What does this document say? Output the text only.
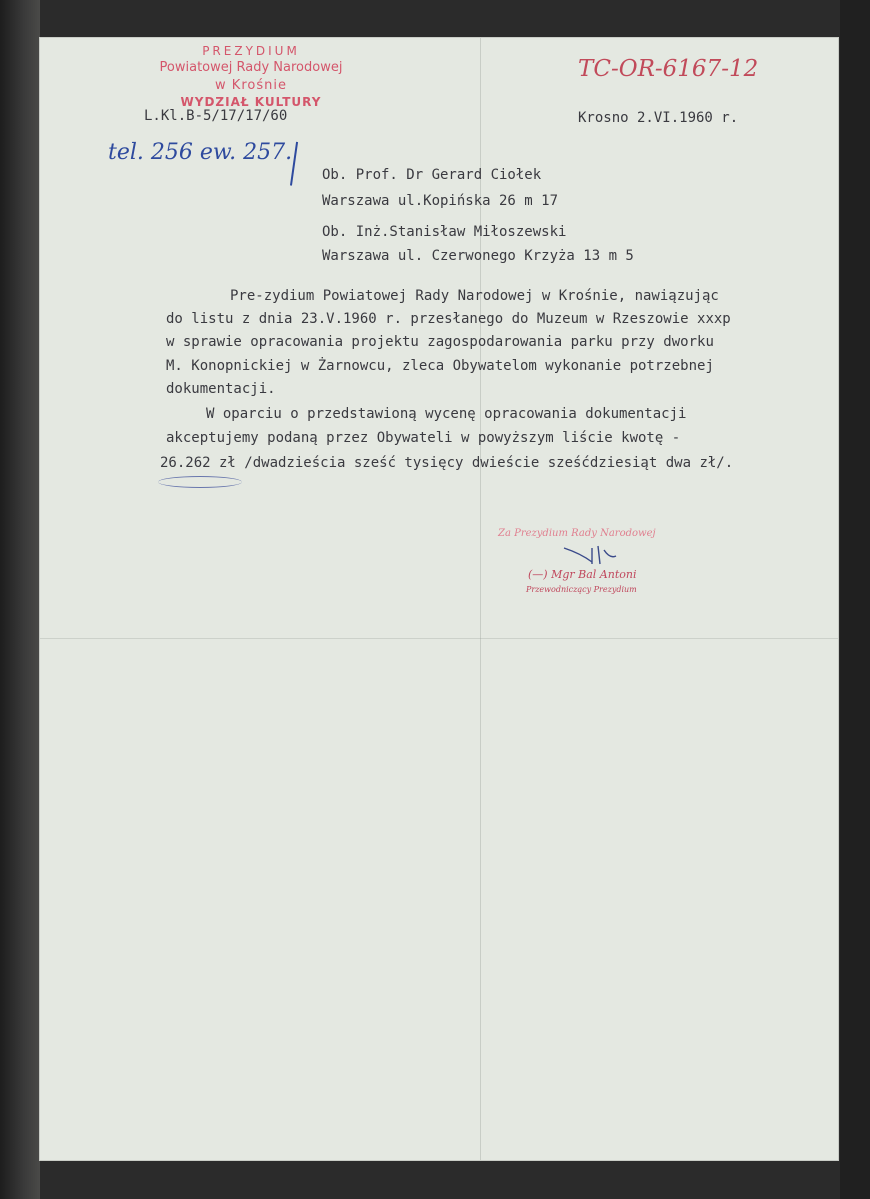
PREZYDIUM
Powiatowej Rady Narodowej
w Krośnie
WYDZIAŁ KULTURY
TC-OR-6167-12
L.Kl.B-5/17/17/60	Krosno 2.VI.1960 r.
tel. 256 ew. 257.
Ob. Prof. Dr Gerard Ciołek
Warszawa ul.Kopińska 26 m 17
Ob. Inż.Stanisław Miłoszewski
Warszawa ul. Czerwonego Krzyża 13 m 5
Pre-zydium Powiatowej Rady Narodowej w Krośnie, nawiązując
do listu z dnia 23.V.1960 r. przesłanego do Muzeum w Rzeszowie xxxp
w sprawie opracowania projektu zagospodarowania parku przy dworku
M. Konopnickiej w Żarnowcu, zleca Obywatelom wykonanie potrzebnej
dokumentacji.
W oparciu o przedstawioną wycenę opracowania dokumentacji
akceptujemy podaną przez Obywateli w powyższym liście kwotę -
26.262 zł /dwadzieścia sześć tysięcy dwieście sześćdziesiąt dwa zł/.
Za Prezydium Rady Narodowej
(—) Mgr Bal Antoni
Przewodniczący Prezydium
